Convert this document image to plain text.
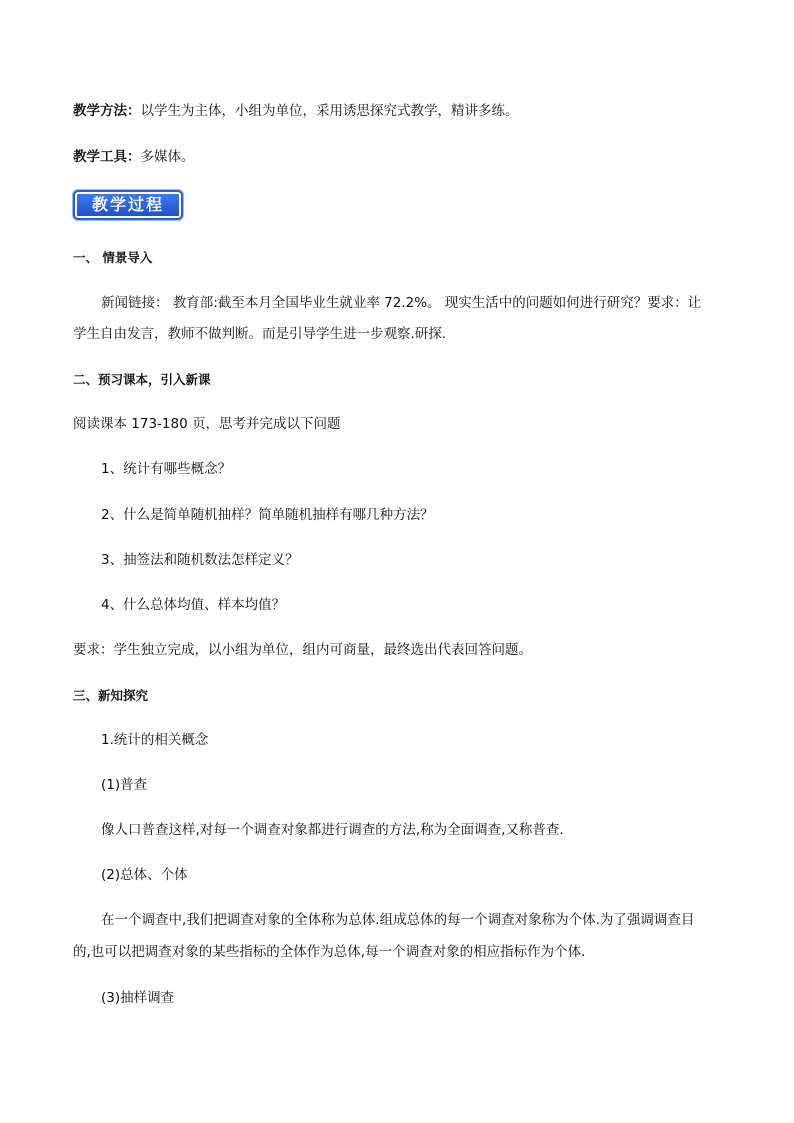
教学方法：以学生为主体，小组为单位，采用诱思探究式教学，精讲多练。
教学工具：多媒体。
教学过程
一、 情景导入
新闻链接： 教育部:截至本月全国毕业生就业率 72.2%。 现实生活中的问题如何进行研究？要求：让
学生自由发言，教师不做判断。而是引导学生进一步观察.研探.
二、预习课本，引入新课
阅读课本 173-180 页，思考并完成以下问题
1、统计有哪些概念？
2、什么是简单随机抽样？简单随机抽样有哪几种方法？
3、抽签法和随机数法怎样定义？
4、什么总体均值、样本均值？
要求：学生独立完成，以小组为单位，组内可商量，最终选出代表回答问题。
三、新知探究
1.统计的相关概念
(1)普查
像人口普查这样,对每一个调查对象都进行调查的方法,称为全面调查,又称普查.
(2)总体、个体
在一个调查中,我们把调查对象的全体称为总体.组成总体的每一个调查对象称为个体.为了强调调查目
的,也可以把调查对象的某些指标的全体作为总体,每一个调查对象的相应指标作为个体.
(3)抽样调查
